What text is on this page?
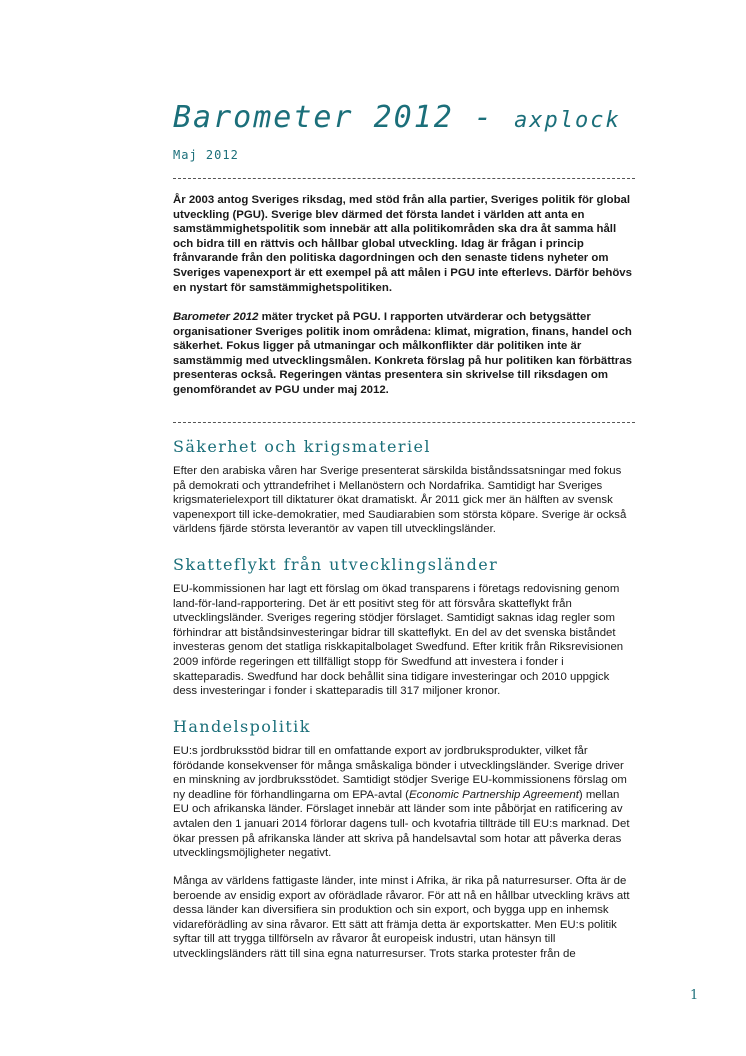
Barometer 2012 - axplock
Maj 2012

År 2003 antog Sveriges riksdag, med stöd från alla partier, Sveriges politik för global utveckling (PGU). Sverige blev därmed det första landet i världen att anta en samstämmighetspolitik som innebär att alla politikområden ska dra åt samma håll och bidra till en rättvis och hållbar global utveckling. Idag är frågan i princip frånvarande från den politiska dagordningen och den senaste tidens nyheter om Sveriges vapenexport är ett exempel på att målen i PGU inte efterlevs. Därför behövs en nystart för samstämmighetspolitiken.

Barometer 2012 mäter trycket på PGU. I rapporten utvärderar och betygsätter organisationer Sveriges politik inom områdena: klimat, migration, finans, handel och säkerhet. Fokus ligger på utmaningar och målkonflikter där politiken inte är samstämmig med utvecklingsmålen. Konkreta förslag på hur politiken kan förbättras presenteras också. Regeringen väntas presentera sin skrivelse till riksdagen om genomförandet av PGU under maj 2012.

Säkerhet och krigsmateriel

Efter den arabiska våren har Sverige presenterat särskilda biståndssatsningar med fokus på demokrati och yttrandefrihet i Mellanöstern och Nordafrika. Samtidigt har Sveriges krigsmaterielexport till diktaturer ökat dramatiskt. År 2011 gick mer än hälften av svensk vapenexport till icke-demokratier, med Saudiarabien som största köpare. Sverige är också världens fjärde största leverantör av vapen till utvecklingsländer.

Skatteflykt från utvecklingsländer

EU-kommissionen har lagt ett förslag om ökad transparens i företags redovisning genom land-för-land-rapportering. Det är ett positivt steg för att försvåra skatteflykt från utvecklingsländer. Sveriges regering stödjer förslaget. Samtidigt saknas idag regler som förhindrar att biståndsinvesteringar bidrar till skatteflykt. En del av det svenska biståndet investeras genom det statliga riskkapitalbolaget Swedfund. Efter kritik från Riksrevisionen 2009 införde regeringen ett tillfälligt stopp för Swedfund att investera i fonder i skatteparadis. Swedfund har dock behållit sina tidigare investeringar och 2010 uppgick dess investeringar i fonder i skatteparadis till 317 miljoner kronor.

Handelspolitik

EU:s jordbruksstöd bidrar till en omfattande export av jordbruksprodukter, vilket får förödande konsekvenser för många småskaliga bönder i utvecklingsländer. Sverige driver en minskning av jordbruksstödet. Samtidigt stödjer Sverige EU-kommissionens förslag om ny deadline för förhandlingarna om EPA-avtal (Economic Partnership Agreement) mellan EU och afrikanska länder. Förslaget innebär att länder som inte påbörjat en ratificering av avtalen den 1 januari 2014 förlorar dagens tull- och kvotafria tillträde till EU:s marknad. Det ökar pressen på afrikanska länder att skriva på handelsavtal som hotar att påverka deras utvecklingsmöjligheter negativt.

Många av världens fattigaste länder, inte minst i Afrika, är rika på naturresurser. Ofta är de beroende av ensidig export av oförädlade råvaror. För att nå en hållbar utveckling krävs att dessa länder kan diversifiera sin produktion och sin export, och bygga upp en inhemsk vidareförädling av sina råvaror. Ett sätt att främja detta är exportskatter. Men EU:s politik syftar till att trygga tillförseln av råvaror åt europeisk industri, utan hänsyn till utvecklingsländers rätt till sina egna naturresurser. Trots starka protester från de

1
